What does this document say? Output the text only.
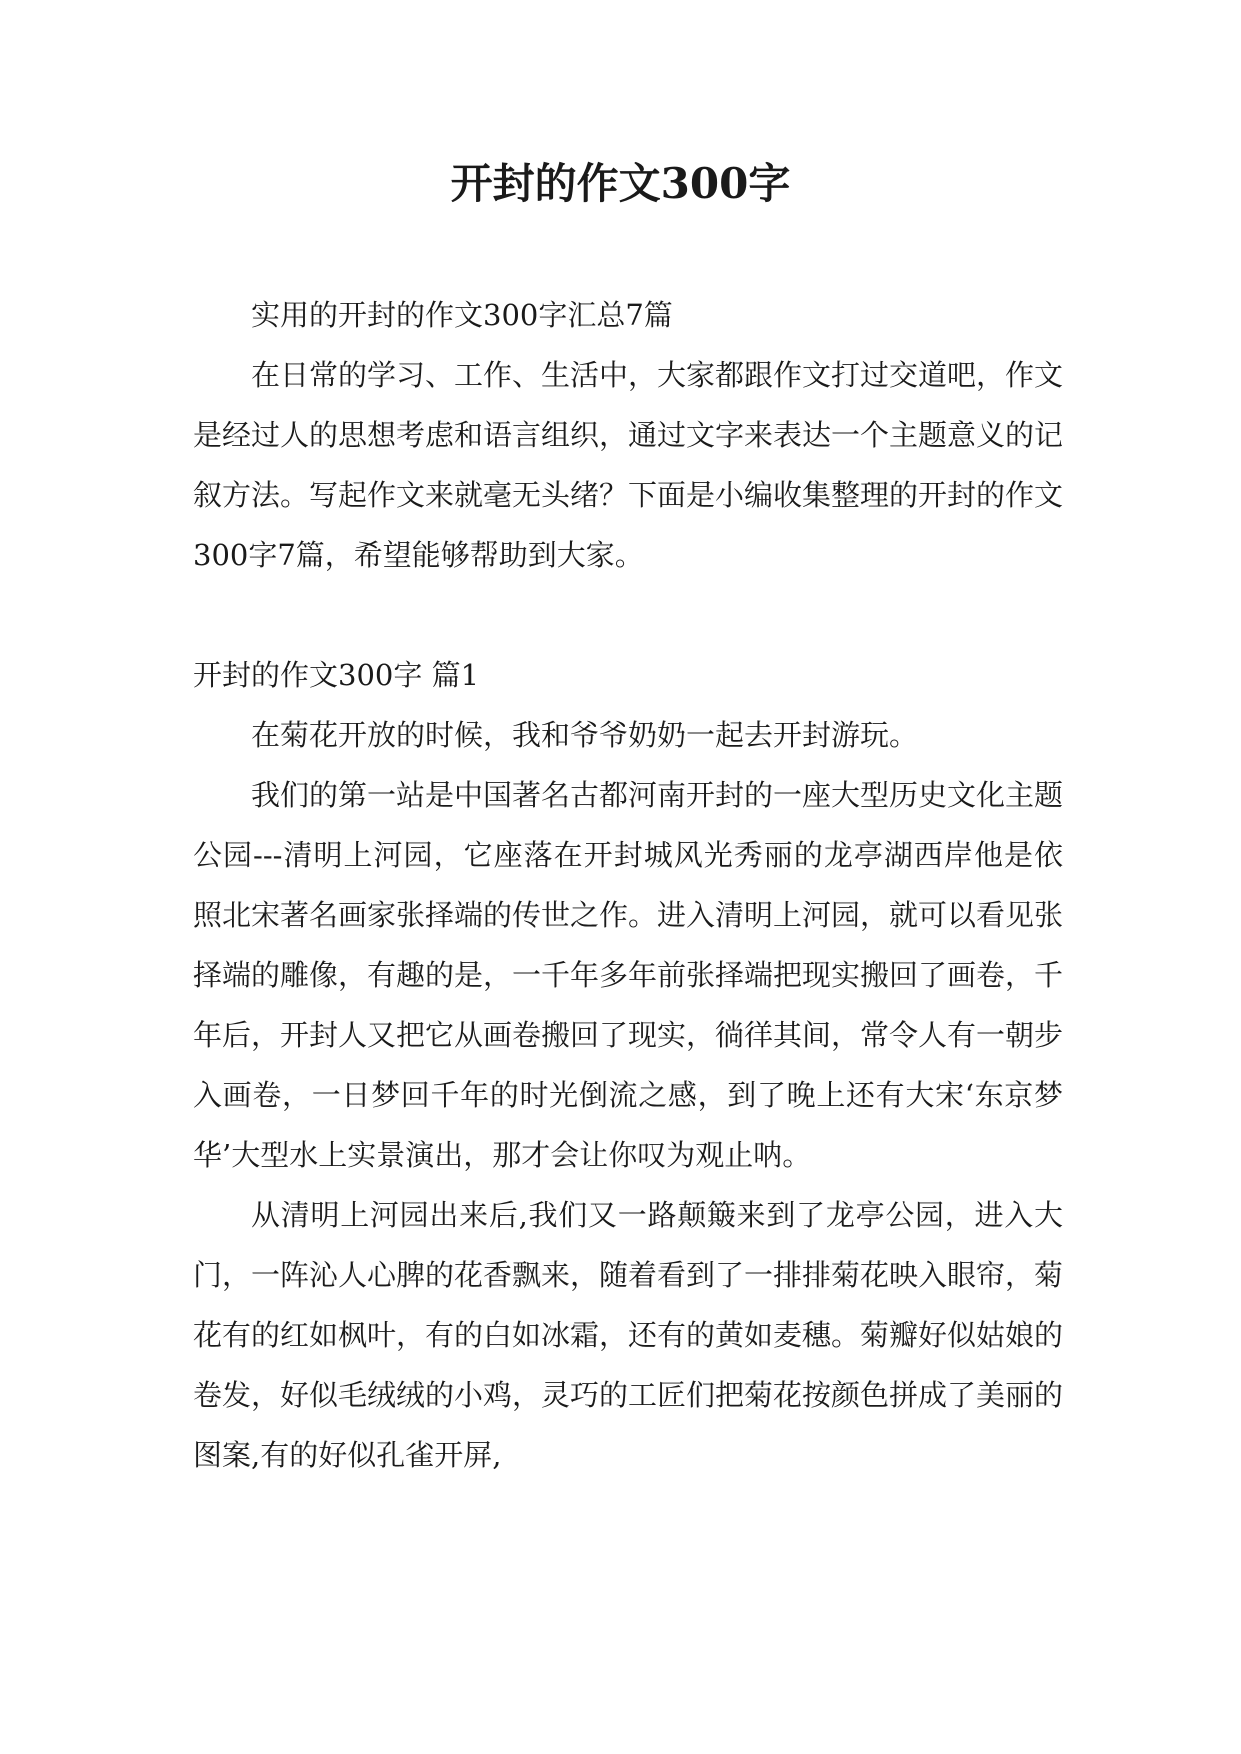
开封的作文300字

实用的开封的作文300字汇总7篇

在日常的学习、工作、生活中，大家都跟作文打过交道吧，作文是经过人的思想考虑和语言组织，通过文字来表达一个主题意义的记叙方法。写起作文来就毫无头绪？下面是小编收集整理的开封的作文300字7篇，希望能够帮助到大家。

开封的作文300字 篇1

在菊花开放的时候，我和爷爷奶奶一起去开封游玩。

我们的第一站是中国著名古都河南开封的一座大型历史文化主题公园---清明上河园，它座落在开封城风光秀丽的龙亭湖西岸他是依照北宋著名画家张择端的传世之作。进入清明上河园，就可以看见张择端的雕像，有趣的是，一千年多年前张择端把现实搬回了画卷，千年后，开封人又把它从画卷搬回了现实，徜徉其间，常令人有一朝步入画卷，一日梦回千年的时光倒流之感，到了晚上还有大宋‘东京梦华’大型水上实景演出，那才会让你叹为观止呐。

从清明上河园出来后,我们又一路颠簸来到了龙亭公园，进入大门，一阵沁人心脾的花香飘来，随着看到了一排排菊花映入眼帘，菊花有的红如枫叶，有的白如冰霜，还有的黄如麦穗。菊瓣好似姑娘的卷发，好似毛绒绒的小鸡，灵巧的工匠们把菊花按颜色拼成了美丽的图案,有的好似孔雀开屏,
